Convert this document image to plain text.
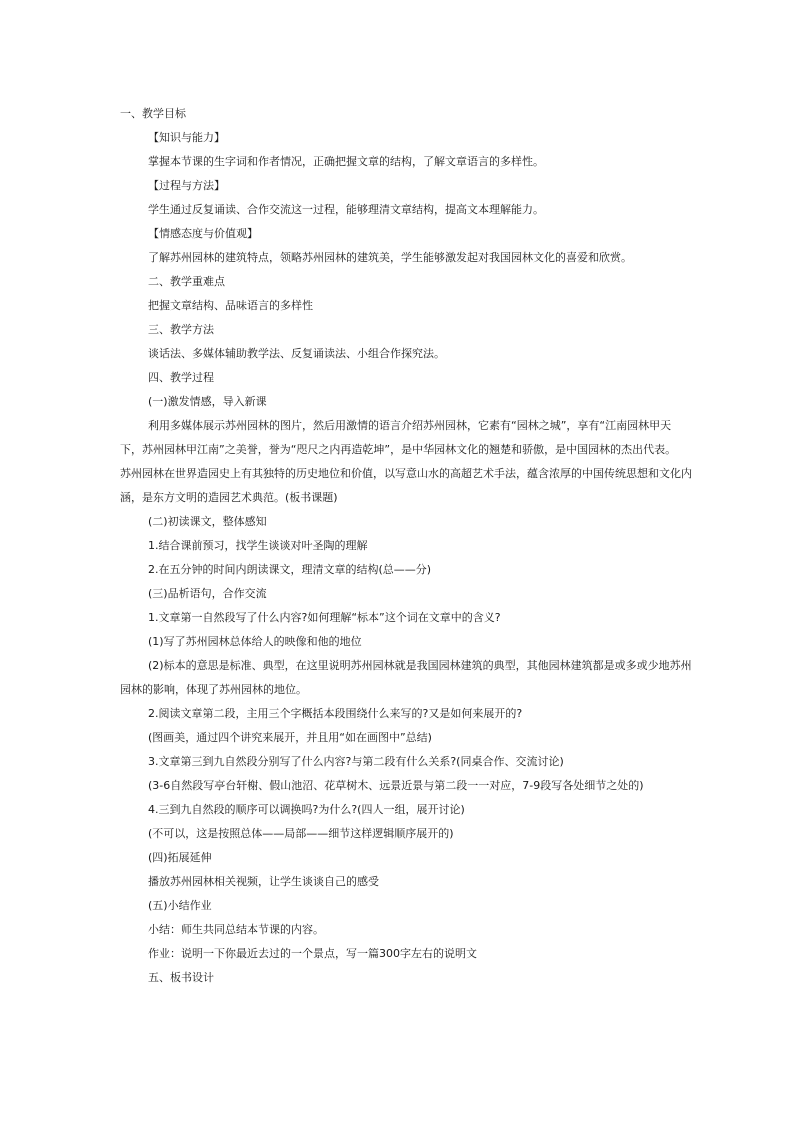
一、教学目标
【知识与能力】
掌握本节课的生字词和作者情况，正确把握文章的结构，了解文章语言的多样性。
【过程与方法】
学生通过反复诵读、合作交流这一过程，能够理清文章结构，提高文本理解能力。
【情感态度与价值观】
了解苏州园林的建筑特点，领略苏州园林的建筑美，学生能够激发起对我国园林文化的喜爱和欣赏。
二、教学重难点
把握文章结构、品味语言的多样性
三、教学方法
谈话法、多媒体辅助教学法、反复诵读法、小组合作探究法。
四、教学过程
(一)激发情感，导入新课
利用多媒体展示苏州园林的图片，然后用激情的语言介绍苏州园林，它素有“园林之城”，享有“江南园林甲天
下，苏州园林甲江南”之美誉，誉为“咫尺之内再造乾坤”，是中华园林文化的翘楚和骄傲，是中国园林的杰出代表。
苏州园林在世界造园史上有其独特的历史地位和价值，以写意山水的高超艺术手法，蕴含浓厚的中国传统思想和文化内
涵，是东方文明的造园艺术典范。(板书课题)
(二)初读课文，整体感知
1.结合课前预习，找学生谈谈对叶圣陶的理解
2.在五分钟的时间内朗读课文，理清文章的结构(总——分)
(三)品析语句，合作交流
1.文章第一自然段写了什么内容?如何理解“标本”这个词在文章中的含义?
(1)写了苏州园林总体给人的映像和他的地位
(2)标本的意思是标准、典型，在这里说明苏州园林就是我国园林建筑的典型，其他园林建筑都是或多或少地苏州
园林的影响，体现了苏州园林的地位。
2.阅读文章第二段，主用三个字概括本段围绕什么来写的?又是如何来展开的?
(图画美，通过四个讲究来展开，并且用“如在画图中”总结)
3.文章第三到九自然段分别写了什么内容?与第二段有什么关系?(同桌合作、交流讨论)
(3-6自然段写亭台轩榭、假山池沼、花草树木、远景近景与第二段一一对应，7-9段写各处细节之处的)
4.三到九自然段的顺序可以调换吗?为什么?(四人一组，展开讨论)
(不可以，这是按照总体——局部——细节这样逻辑顺序展开的)
(四)拓展延伸
播放苏州园林相关视频，让学生谈谈自己的感受
(五)小结作业
小结：师生共同总结本节课的内容。
作业：说明一下你最近去过的一个景点，写一篇300字左右的说明文
五、板书设计
